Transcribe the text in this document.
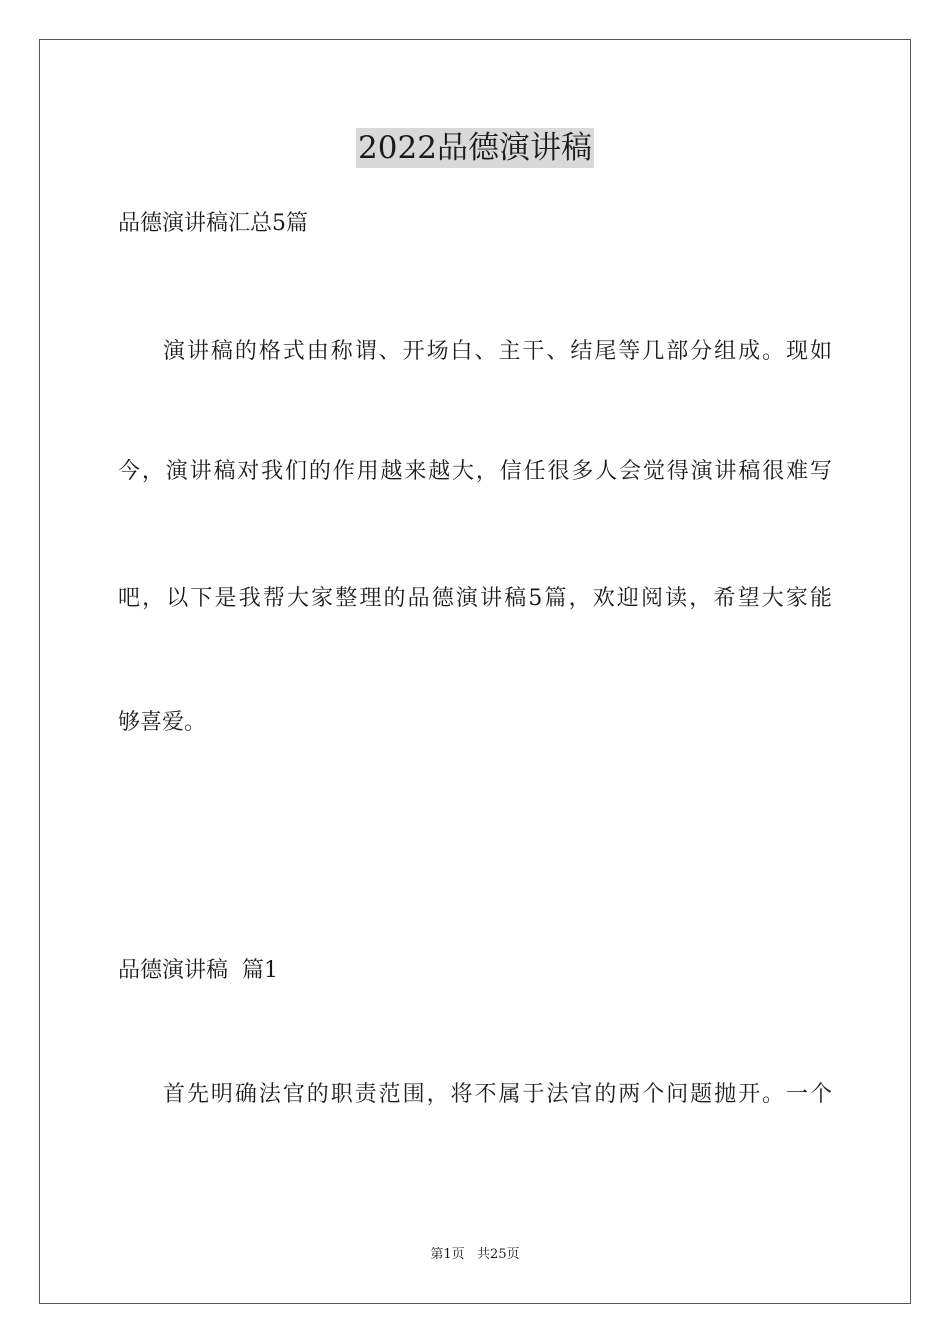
2022品德演讲稿
品德演讲稿汇总5篇
演讲稿的格式由称谓、开场白、主干、结尾等几部分组成。现如
今，演讲稿对我们的作用越来越大，信任很多人会觉得演讲稿很难写
吧，以下是我帮大家整理的品德演讲稿5篇，欢迎阅读，希望大家能
够喜爱。
品德演讲稿  篇1
首先明确法官的职责范围，将不属于法官的两个问题抛开。一个
第1页   共25页
